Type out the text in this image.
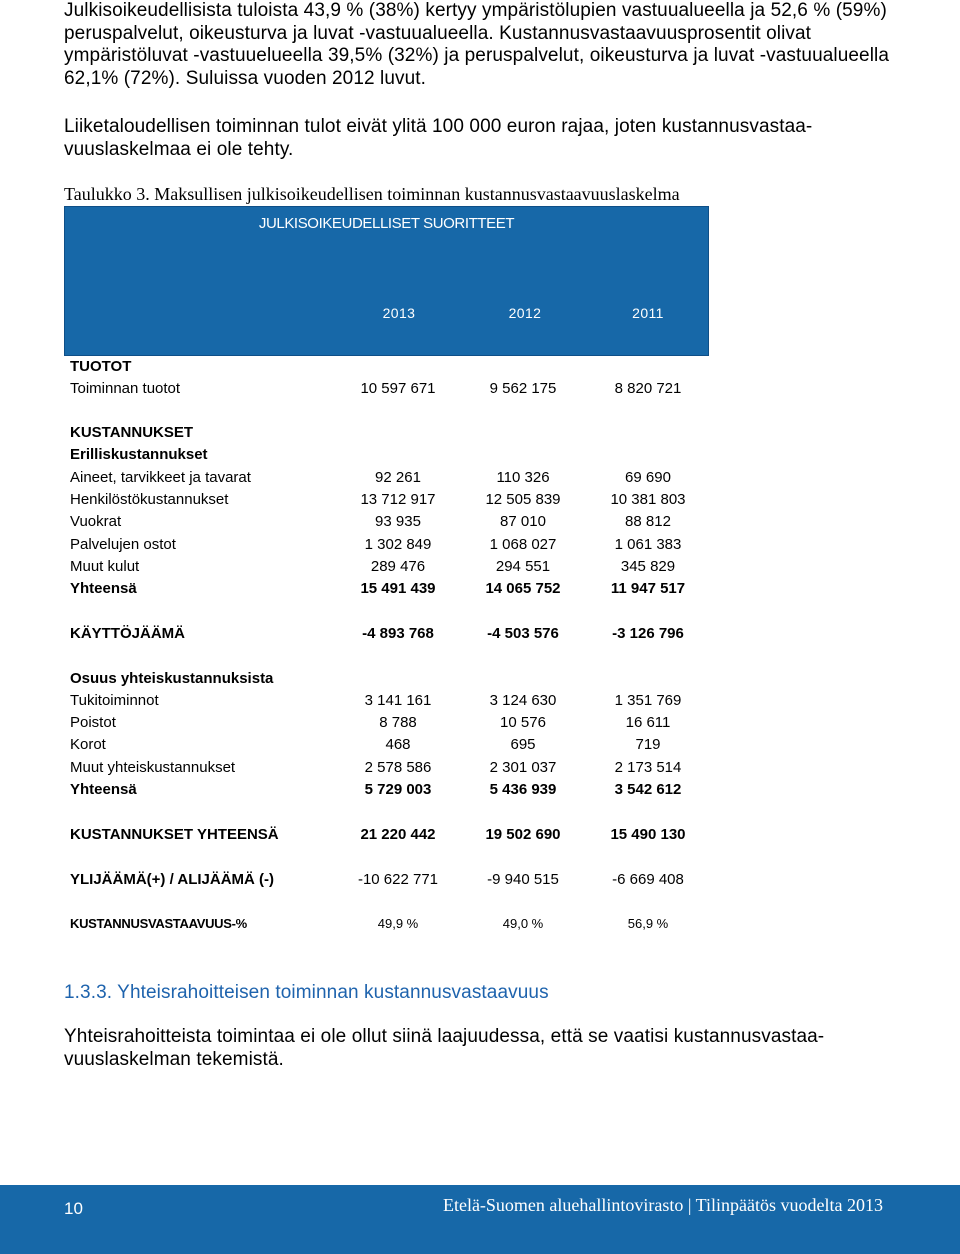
Julkisoikeudellisista tuloista 43,9 % (38%) kertyy ympäristölupien vastuualueella ja 52,6 % (59%) peruspalvelut, oikeusturva ja luvat -vastuualueella. Kustannusvastaavuusprosentit olivat ympäristöluvat -vastuuelueella 39,5% (32%) ja peruspalvelut, oikeusturva ja luvat -vastuualueella 62,1% (72%). Suluissa vuoden 2012 luvut.
Liiketaloudellisen toiminnan tulot eivät ylitä 100 000 euron rajaa, joten kustannusvastaa-vuuslaskelmaa ei ole tehty.
Taulukko 3. Maksullisen julkisoikeudellisen toiminnan kustannusvastaavuuslaskelma
JULKISOIKEUDELLISET SUORITTEET
2013	2012	2011
TUOTOT
Toiminnan tuotot	10 597 671	9 562 175	8 820 721
KUSTANNUKSET
Erilliskustannukset
Aineet, tarvikkeet ja tavarat	92 261	110 326	69 690
Henkilöstökustannukset	13 712 917	12 505 839	10 381 803
Vuokrat	93 935	87 010	88 812
Palvelujen ostot	1 302 849	1 068 027	1 061 383
Muut kulut	289 476	294 551	345 829
Yhteensä	15 491 439	14 065 752	11 947 517
KÄYTTÖJÄÄMÄ	-4 893 768	-4 503 576	-3 126 796
Osuus yhteiskustannuksista
Tukitoiminnot	3 141 161	3 124 630	1 351 769
Poistot	8 788	10 576	16 611
Korot	468	695	719
Muut yhteiskustannukset	2 578 586	2 301 037	2 173 514
Yhteensä	5 729 003	5 436 939	3 542 612
KUSTANNUKSET YHTEENSÄ	21 220 442	19 502 690	15 490 130
YLIJÄÄMÄ(+) / ALIJÄÄMÄ (-)	-10 622 771	-9 940 515	-6 669 408
KUSTANNUSVASTAAVUUS-%	49,9 %	49,0 %	56,9 %
1.3.3. Yhteisrahoitteisen toiminnan kustannusvastaavuus
Yhteisrahoitteista toimintaa ei ole ollut siinä laajuudessa, että se vaatisi kustannusvastaa-vuuslaskelman tekemistä.
10	Etelä-Suomen aluehallintovirasto | Tilinpäätös vuodelta 2013
